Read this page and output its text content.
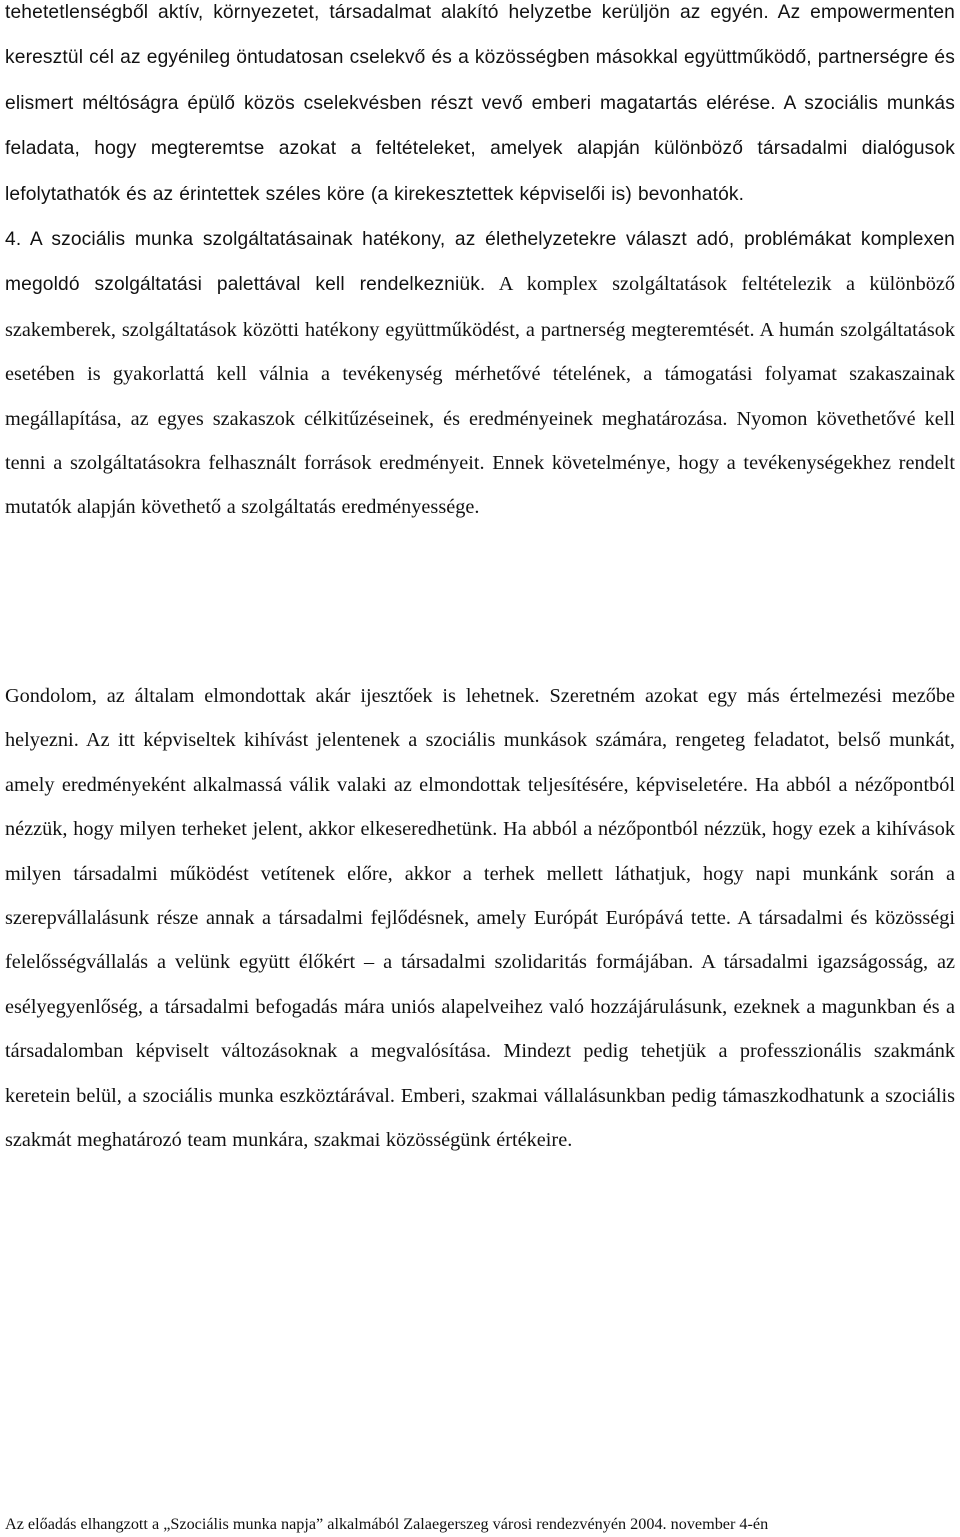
tehetetlenségből aktív, környezetet, társadalmat alakító helyzetbe kerüljön az egyén. Az empowermenten keresztül cél az egyénileg öntudatosan cselekvő és a közösségben másokkal együttműködő, partnerségre és elismert méltóságra épülő közös cselekvésben részt vevő emberi magatartás elérése. A szociális munkás feladata, hogy megteremtse azokat a feltételeket, amelyek alapján különböző társadalmi dialógusok lefolytathatók és az érintettek széles köre (a kirekesztettek képviselői is) bevonhatók.
4. A szociális munka szolgáltatásainak hatékony, az élethelyzetekre választ adó, problémákat komplexen megoldó szolgáltatási palettával kell rendelkezniük. A komplex szolgáltatások feltételezik a különböző szakemberek, szolgáltatások közötti hatékony együttműködést, a partnerség megteremtését. A humán szolgáltatások esetében is gyakorlattá kell válnia a tevékenység mérhetővé tételének, a támogatási folyamat szakaszainak megállapítása, az egyes szakaszok célkitűzéseinek, és eredményeinek meghatározása. Nyomon követhetővé kell tenni a szolgáltatásokra felhasznált források eredményeit. Ennek követelménye, hogy a tevékenységekhez rendelt mutatók alapján követhető a szolgáltatás eredményessége.

Gondolom, az általam elmondottak akár ijesztőek is lehetnek. Szeretném azokat egy más értelmezési mezőbe helyezni. Az itt képviseltek kihívást jelentenek a szociális munkások számára, rengeteg feladatot, belső munkát, amely eredményeként alkalmassá válik valaki az elmondottak teljesítésére, képviseletére. Ha abból a nézőpontból nézzük, hogy milyen terheket jelent, akkor elkeseredhetünk. Ha abból a nézőpontból nézzük, hogy ezek a kihívások milyen társadalmi működést vetítenek előre, akkor a terhek mellett láthatjuk, hogy napi munkánk során a szerepvállalásunk része annak a társadalmi fejlődésnek, amely Európát Európává tette. A társadalmi és közösségi felelősségvállalás a velünk együtt élőkért – a társadalmi szolidaritás formájában. A társadalmi igazságosság, az esélyegyenlőség, a társadalmi befogadás mára uniós alapelveihez való hozzájárulásunk, ezeknek a magunkban és a társadalomban képviselt változásoknak a megvalósítása. Mindezt pedig tehetjük a professzionális szakmánk keretein belül, a szociális munka eszköztárával. Emberi, szakmai vállalásunkban pedig támaszkodhatunk a szociális szakmát meghatározó team munkára, szakmai közösségünk értékeire.

Az előadás elhangzott a „Szociális munka napja” alkalmából Zalaegerszeg városi rendezvényén 2004. november 4-én
